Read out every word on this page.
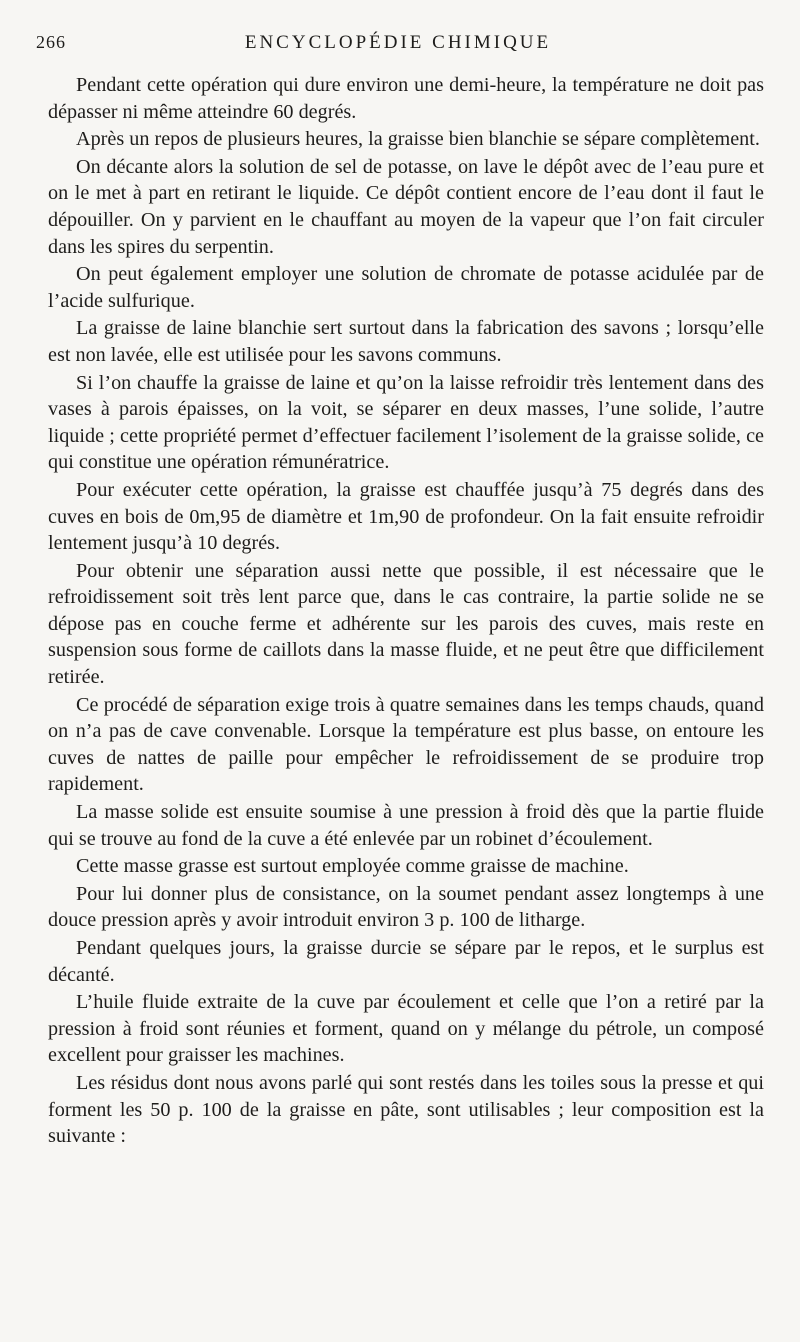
266	ENCYCLOPÉDIE CHIMIQUE

Pendant cette opération qui dure environ une demi-heure, la température ne doit pas dépasser ni même atteindre 60 degrés.

Après un repos de plusieurs heures, la graisse bien blanchie se sépare complètement.

On décante alors la solution de sel de potasse, on lave le dépôt avec de l’eau pure et on le met à part en retirant le liquide. Ce dépôt contient encore de l’eau dont il faut le dépouiller. On y parvient en le chauffant au moyen de la vapeur que l’on fait circuler dans les spires du serpentin.

On peut également employer une solution de chromate de potasse acidulée par de l’acide sulfurique.

La graisse de laine blanchie sert surtout dans la fabrication des savons ; lorsqu’elle est non lavée, elle est utilisée pour les savons communs.

Si l’on chauffe la graisse de laine et qu’on la laisse refroidir très lentement dans des vases à parois épaisses, on la voit, se séparer en deux masses, l’une solide, l’autre liquide ; cette propriété permet d’effectuer facilement l’isolement de la graisse solide, ce qui constitue une opération rémunératrice.

Pour exécuter cette opération, la graisse est chauffée jusqu’à 75 degrés dans des cuves en bois de 0m,95 de diamètre et 1m,90 de profondeur. On la fait ensuite refroidir lentement jusqu’à 10 degrés.

Pour obtenir une séparation aussi nette que possible, il est nécessaire que le refroidissement soit très lent parce que, dans le cas contraire, la partie solide ne se dépose pas en couche ferme et adhérente sur les parois des cuves, mais reste en suspension sous forme de caillots dans la masse fluide, et ne peut être que difficilement retirée.

Ce procédé de séparation exige trois à quatre semaines dans les temps chauds, quand on n’a pas de cave convenable. Lorsque la température est plus basse, on entoure les cuves de nattes de paille pour empêcher le refroidissement de se produire trop rapidement.

La masse solide est ensuite soumise à une pression à froid dès que la partie fluide qui se trouve au fond de la cuve a été enlevée par un robinet d’écoulement.

Cette masse grasse est surtout employée comme graisse de machine.

Pour lui donner plus de consistance, on la soumet pendant assez longtemps à une douce pression après y avoir introduit environ 3 p. 100 de litharge.

Pendant quelques jours, la graisse durcie se sépare par le repos, et le surplus est décanté.

L’huile fluide extraite de la cuve par écoulement et celle que l’on a retiré par la pression à froid sont réunies et forment, quand on y mélange du pétrole, un composé excellent pour graisser les machines.

Les résidus dont nous avons parlé qui sont restés dans les toiles sous la presse et qui forment les 50 p. 100 de la graisse en pâte, sont utilisables ; leur composition est la suivante :
